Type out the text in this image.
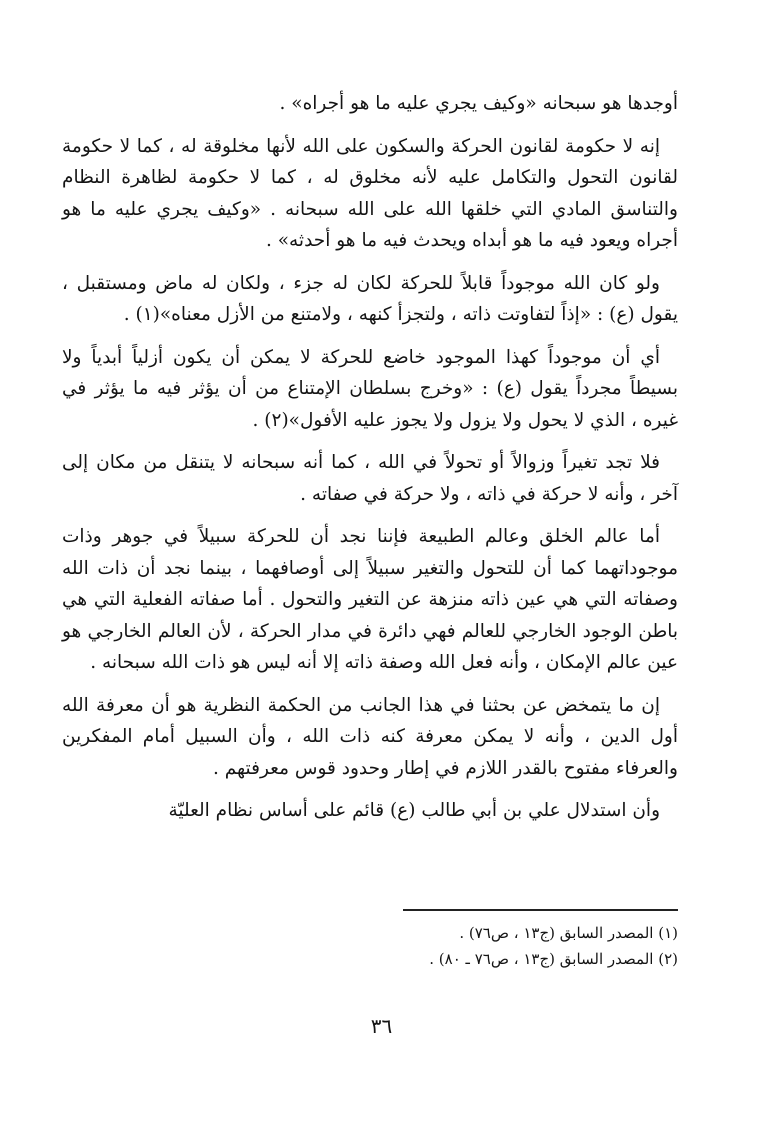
أوجدها هو سبحانه «وكيف يجري عليه ما هو أجراه» .

إنه لا حكومة لقانون الحركة والسكون على الله لأنها مخلوقة له ، كما لا حكومة لقانون التحول والتكامل عليه لأنه مخلوق له ، كما لا حكومة لظاهرة النظام والتناسق المادي التي خلقها الله على الله سبحانه . «وكيف يجري عليه ما هو أجراه ويعود فيه ما هو أبداه ويحدث فيه ما هو أحدثه» .

ولو كان الله موجوداً قابلاً للحركة لكان له جزء ، ولكان له ماض ومستقبل ، يقول (ع) : «إذاً لتفاوتت ذاته ، ولتجزأ كنهه ، ولامتنع من الأزل معناه»(١) .

أي أن موجوداً كهذا الموجود خاضع للحركة لا يمكن أن يكون أزلياً أبدياً ولا بسيطاً مجرداً يقول (ع) : «وخرج بسلطان الإمتناع من أن يؤثر فيه ما يؤثر في غيره ، الذي لا يحول ولا يزول ولا يجوز عليه الأفول»(٢) .

فلا تجد تغيراً وزوالاً أو تحولاً في الله ، كما أنه سبحانه لا يتنقل من مكان إلى آخر ، وأنه لا حركة في ذاته ، ولا حركة في صفاته .

أما عالم الخلق وعالم الطبيعة فإننا نجد أن للحركة سبيلاً في جوهر وذات موجوداتهما كما أن للتحول والتغير سبيلاً إلى أوصافهما ، بينما نجد أن ذات الله وصفاته التي هي عين ذاته منزهة عن التغير والتحول . أما صفاته الفعلية التي هي باطن الوجود الخارجي للعالم فهي دائرة في مدار الحركة ، لأن العالم الخارجي هو عين عالم الإمكان ، وأنه فعل الله وصفة ذاته إلا أنه ليس هو ذات الله سبحانه .

إن ما يتمخض عن بحثنا في هذا الجانب من الحكمة النظرية هو أن معرفة الله أول الدين ، وأنه لا يمكن معرفة كنه ذات الله ، وأن السبيل أمام المفكرين والعرفاء مفتوح بالقدر اللازم في إطار وحدود قوس معرفتهم .

وأن استدلال علي بن أبي طالب (ع) قائم على أساس نظام العليّة

(١) المصدر السابق (ج١٣ ، ص٧٦) .

(٢) المصدر السابق (ج١٣ ، ص٧٦ ـ ٨٠) .

٣٦
